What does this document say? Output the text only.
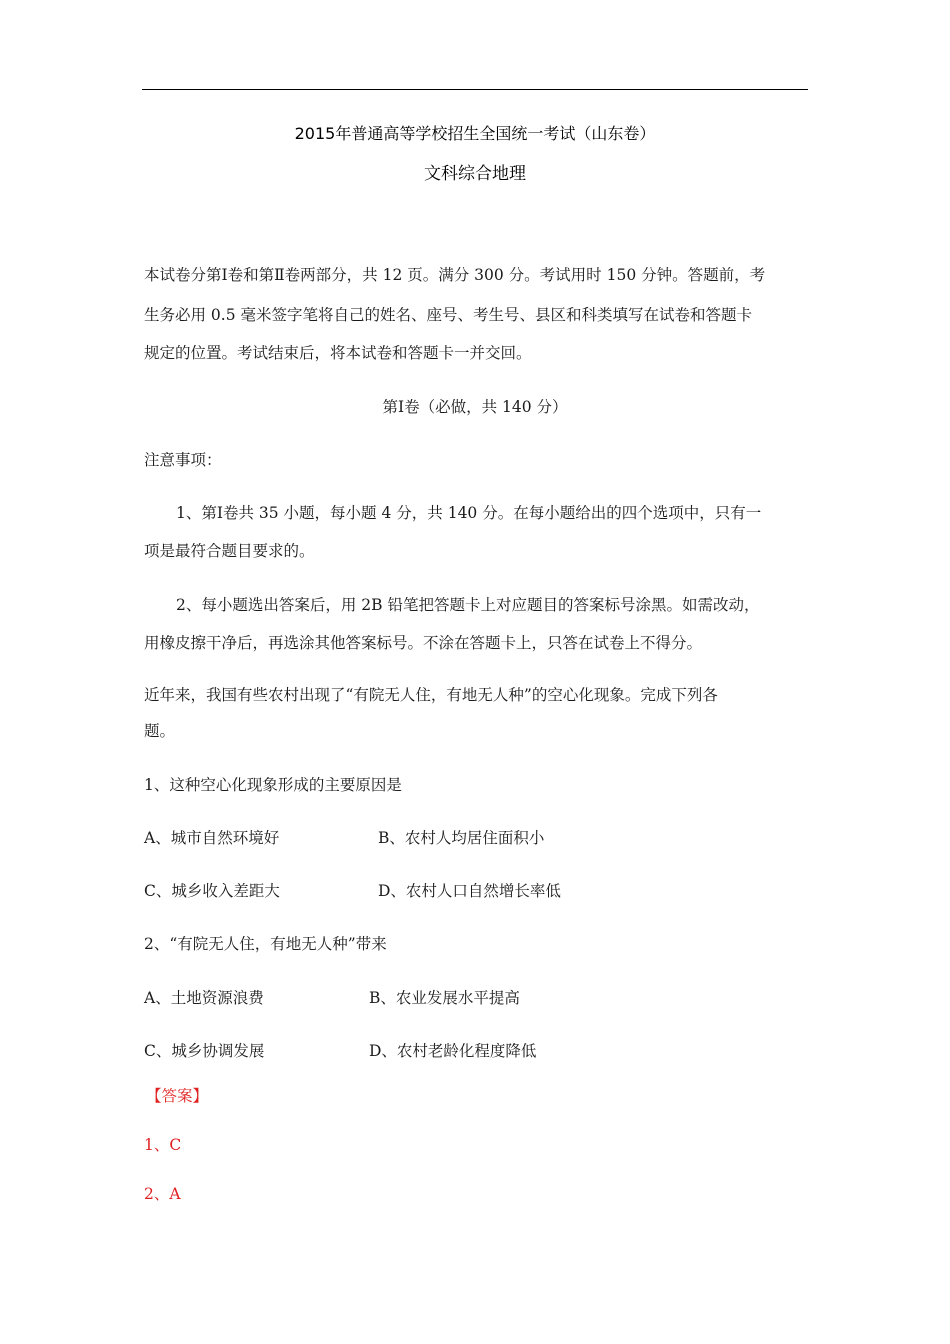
2015年普通高等学校招生全国统一考试（山东卷）
文科综合地理
本试卷分第Ⅰ卷和第Ⅱ卷两部分，共 12 页。满分 300 分。考试用时 150 分钟。答题前，考
生务必用 0.5 毫米签字笔将自己的姓名、座号、考生号、县区和科类填写在试卷和答题卡
规定的位置。考试结束后，将本试卷和答题卡一并交回。
第Ⅰ卷（必做，共 140 分）
注意事项：
1、第Ⅰ卷共 35 小题，每小题 4 分，共 140 分。在每小题给出的四个选项中，只有一
项是最符合题目要求的。
2、每小题选出答案后，用 2B 铅笔把答题卡上对应题目的答案标号涂黑。如需改动，
用橡皮擦干净后，再选涂其他答案标号。不涂在答题卡上，只答在试卷上不得分。
近年来，我国有些农村出现了“有院无人住，有地无人种”的空心化现象。完成下列各
题。
1、这种空心化现象形成的主要原因是
A、城市自然环境好	B、农村人均居住面积小
C、城乡收入差距大	D、农村人口自然增长率低
2、“有院无人住，有地无人种”带来
A、土地资源浪费	B、农业发展水平提高
C、城乡协调发展	D、农村老龄化程度降低
【答案】
1、C
2、A
